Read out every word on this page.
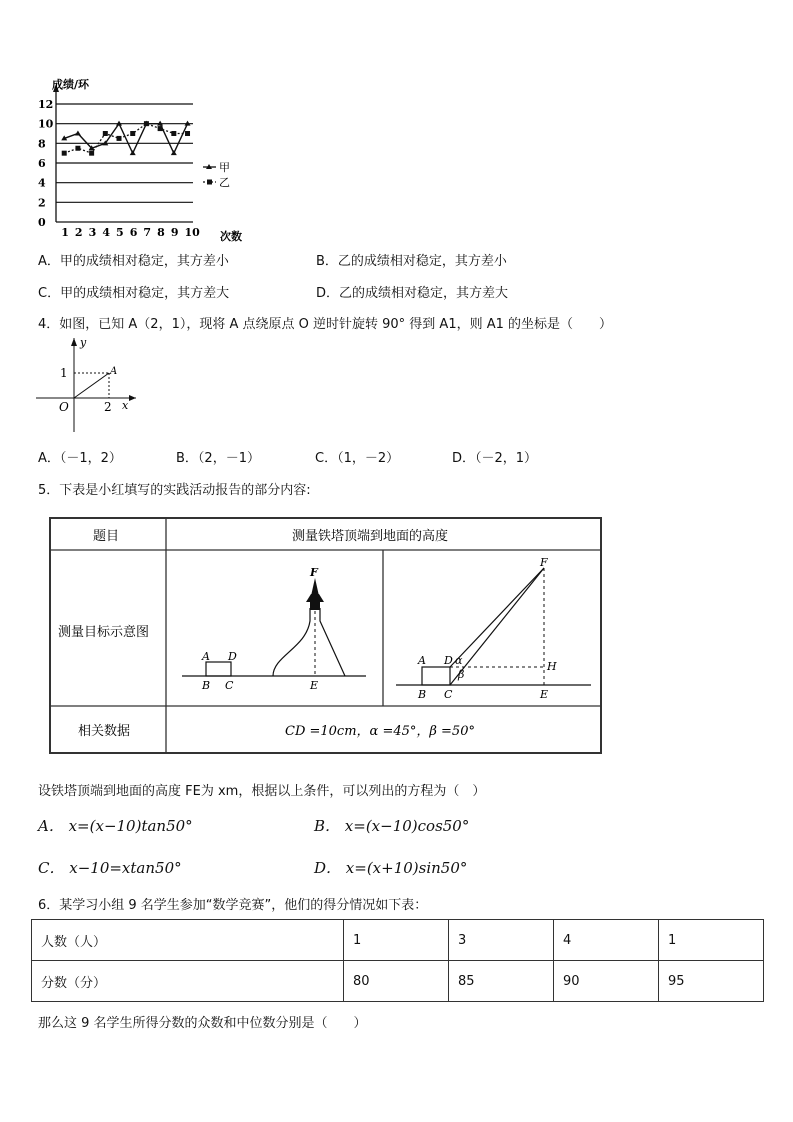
成绩/环
次数
12
10
8
6
4
2
0
1 2 3 4 5 6 7 8 9 10
甲
乙
A．甲的成绩相对稳定，其方差小	B．乙的成绩相对稳定，其方差小
C．甲的成绩相对稳定，其方差大	D．乙的成绩相对稳定，其方差大
4．如图，已知 A（2，1），现将 A 点绕原点 O 逆时针旋转 90° 得到 A1，则 A1 的坐标是（　　）
y
x
O
1
2
A
A．（－1，2）	B．（2，－1）	C．（1，－2）	D．（－2，1）
5．下表是小红填写的实践活动报告的部分内容:
题目	测量铁塔顶端到地面的高度
测量目标示意图
相关数据	CD =10cm，α =45°，β =50°
F
A D
B C	E
F
A D α
β
H
B C	E
设铁塔顶端到地面的高度 FE为 xm，根据以上条件，可以列出的方程为（　）
A． x=(x−10)tan50°	B． x=(x−10)cos50°
C． x−10=xtan50°	D． x=(x+10)sin50°
6．某学习小组 9 名学生参加“数学竞赛”，他们的得分情况如下表：
人数（人）	1	3	4	1
分数（分）	80	85	90	95
那么这 9 名学生所得分数的众数和中位数分别是（　　）
